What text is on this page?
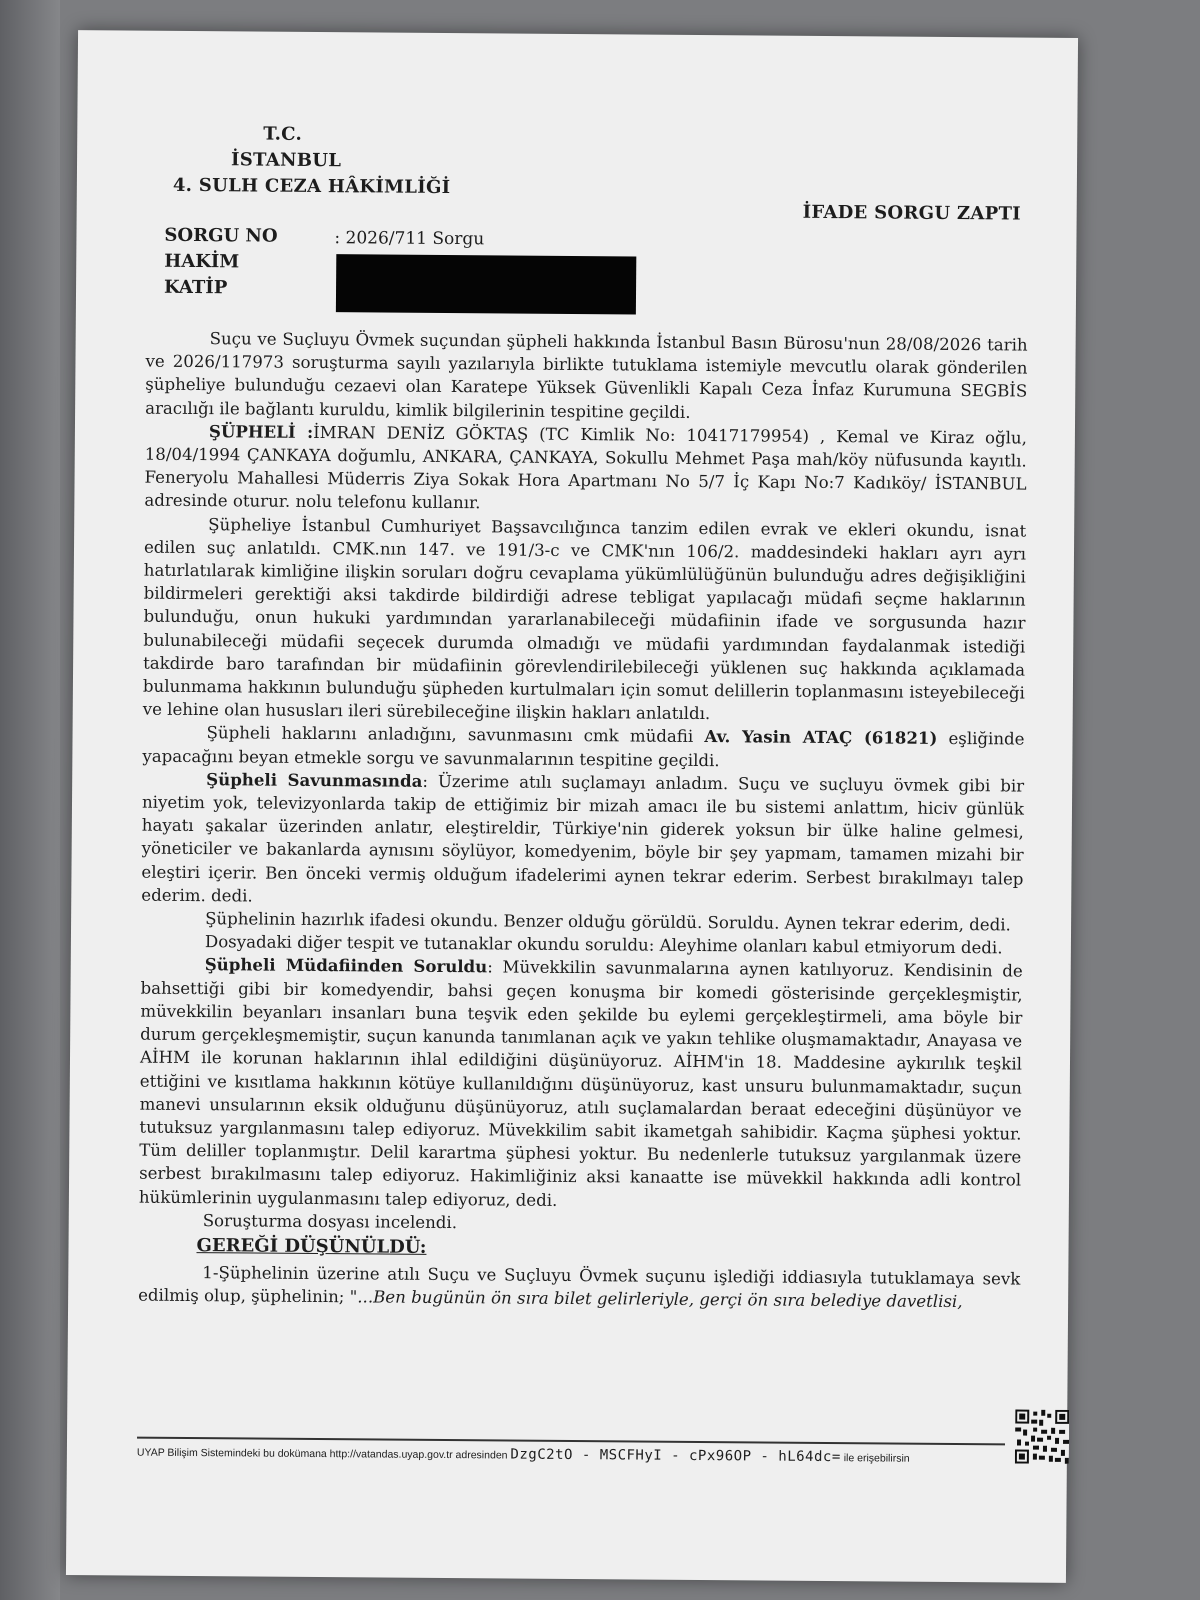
T.C.
İSTANBUL
4. SULH CEZA HÂKİMLİĞİ
İFADE SORGU ZAPTI
SORGU NO	: 2026/711 Sorgu
HAKİM
KATİP

Suçu ve Suçluyu Övmek suçundan şüpheli hakkında İstanbul Basın Bürosu'nun 28/08/2026 tarih ve 2026/117973 soruşturma sayılı yazılarıyla birlikte tutuklama istemiyle mevcutlu olarak gönderilen şüpheliye bulunduğu cezaevi olan Karatepe Yüksek Güvenlikli Kapalı Ceza İnfaz Kurumuna SEGBİS aracılığı ile bağlantı kuruldu, kimlik bilgilerinin tespitine geçildi.

ŞÜPHELİ :İMRAN DENİZ GÖKTAŞ (TC Kimlik No: 10417179954) , Kemal ve Kiraz oğlu, 18/04/1994 ÇANKAYA doğumlu, ANKARA, ÇANKAYA, Sokullu Mehmet Paşa mah/köy nüfusunda kayıtlı. Feneryolu Mahallesi Müderris Ziya Sokak Hora Apartmanı No 5/7 İç Kapı No:7 Kadıköy/ İSTANBUL adresinde oturur. nolu telefonu kullanır.

Şüpheliye İstanbul Cumhuriyet Başsavcılığınca tanzim edilen evrak ve ekleri okundu, isnat edilen suç anlatıldı. CMK.nın 147. ve 191/3-c ve CMK'nın 106/2. maddesindeki hakları ayrı ayrı hatırlatılarak kimliğine ilişkin soruları doğru cevaplama yükümlülüğünün bulunduğu adres değişikliğini bildirmeleri gerektiği aksi takdirde bildirdiği adrese tebligat yapılacağı müdafi seçme haklarının bulunduğu, onun hukuki yardımından yararlanabileceği müdafiinin ifade ve sorgusunda hazır bulunabileceği müdafii seçecek durumda olmadığı ve müdafii yardımından faydalanmak istediği takdirde baro tarafından bir müdafiinin görevlendirilebileceği yüklenen suç hakkında açıklamada bulunmama hakkının bulunduğu şüpheden kurtulmaları için somut delillerin toplanmasını isteyebileceği ve lehine olan hususları ileri sürebileceğine ilişkin hakları anlatıldı.

Şüpheli haklarını anladığını, savunmasını cmk müdafii Av. Yasin ATAÇ (61821) eşliğinde yapacağını beyan etmekle sorgu ve savunmalarının tespitine geçildi.

Şüpheli Savunmasında: Üzerime atılı suçlamayı anladım. Suçu ve suçluyu övmek gibi bir niyetim yok, televizyonlarda takip de ettiğimiz bir mizah amacı ile bu sistemi anlattım, hiciv günlük hayatı şakalar üzerinden anlatır, eleştireldir, Türkiye'nin giderek yoksun bir ülke haline gelmesi, yöneticiler ve bakanlarda aynısını söylüyor, komedyenim, böyle bir şey yapmam, tamamen mizahi bir eleştiri içerir. Ben önceki vermiş olduğum ifadelerimi aynen tekrar ederim. Serbest bırakılmayı talep ederim. dedi.

Şüphelinin hazırlık ifadesi okundu. Benzer olduğu görüldü. Soruldu. Aynen tekrar ederim, dedi.

Dosyadaki diğer tespit ve tutanaklar okundu soruldu: Aleyhime olanları kabul etmiyorum dedi.

Şüpheli Müdafiinden Soruldu: Müvekkilin savunmalarına aynen katılıyoruz. Kendisinin de bahsettiği gibi bir komedyendir, bahsi geçen konuşma bir komedi gösterisinde gerçekleşmiştir, müvekkilin beyanları insanları buna teşvik eden şekilde bu eylemi gerçekleştirmeli, ama böyle bir durum gerçekleşmemiştir, suçun kanunda tanımlanan açık ve yakın tehlike oluşmamaktadır, Anayasa ve AİHM ile korunan haklarının ihlal edildiğini düşünüyoruz. AİHM'in 18. Maddesine aykırılık teşkil ettiğini ve kısıtlama hakkının kötüye kullanıldığını düşünüyoruz, kast unsuru bulunmamaktadır, suçun manevi unsularının eksik olduğunu düşünüyoruz, atılı suçlamalardan beraat edeceğini düşünüyor ve tutuksuz yargılanmasını talep ediyoruz. Müvekkilim sabit ikametgah sahibidir. Kaçma şüphesi yoktur. Tüm deliller toplanmıştır. Delil karartma şüphesi yoktur. Bu nedenlerle tutuksuz yargılanmak üzere serbest bırakılmasını talep ediyoruz. Hakimliğiniz aksi kanaatte ise müvekkil hakkında adli kontrol hükümlerinin uygulanmasını talep ediyoruz, dedi.

Soruşturma dosyası incelendi.

GEREĞİ DÜŞÜNÜLDÜ:

1-Şüphelinin üzerine atılı Suçu ve Suçluyu Övmek suçunu işlediği iddiasıyla tutuklamaya sevk edilmiş olup, şüphelinin; "...Ben bugünün ön sıra bilet gelirleriyle, gerçi ön sıra belediye davetlisi,

UYAP Bilişim Sistemindeki bu dokümana http://vatandas.uyap.gov.tr adresinden DzgC2tO - MSCFHyI - cPx96OP - hL64dc= ile erişebilirsin
